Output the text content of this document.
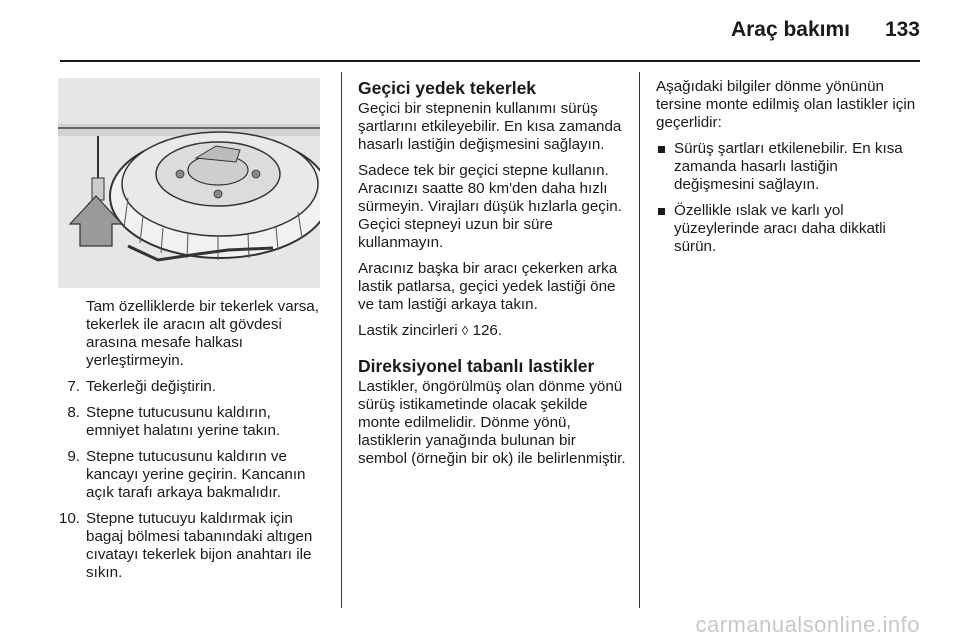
Araç bakımı 133

Tam özelliklerde bir tekerlek varsa, tekerlek ile aracın alt gövdesi arasına mesafe halkası yerleştirmeyin.

7. Tekerleği değiştirin.
8. Stepne tutucusunu kaldırın, emniyet halatını yerine takın.
9. Stepne tutucusunu kaldırın ve kancayı yerine geçirin. Kancanın açık tarafı arkaya bakmalıdır.
10. Stepne tutucuyu kaldırmak için bagaj bölmesi tabanındaki altıgen cıvatayı tekerlek bijon anahtarı ile sıkın.
Geçici yedek tekerlek

Geçici bir stepnenin kullanımı sürüş şartlarını etkileyebilir. En kısa zamanda hasarlı lastiğin değişmesini sağlayın.

Sadece tek bir geçici stepne kullanın. Aracınızı saatte 80 km'den daha hızlı sürmeyin. Virajları düşük hızlarla geçin. Geçici stepneyi uzun bir süre kullanmayın.

Aracınız başka bir aracı çekerken arka lastik patlarsa, geçici yedek lastiği öne ve tam lastiği arkaya takın.

Lastik zincirleri ◊ 126.

Direksiyonel tabanlı lastikler

Lastikler, öngörülmüş olan dönme yönü sürüş istikametinde olacak şekilde monte edilmelidir. Dönme yönü, lastiklerin yanağında bulunan bir sembol (örneğin bir ok) ile belirlenmiştir.

Aşağıdaki bilgiler dönme yönünün tersine monte edilmiş olan lastikler için geçerlidir:

Sürüş şartları etkilenebilir. En kısa zamanda hasarlı lastiğin değişmesini sağlayın.
Özellikle ıslak ve karlı yol yüzeylerinde aracı daha dikkatli sürün.
carmanualsonline.info
